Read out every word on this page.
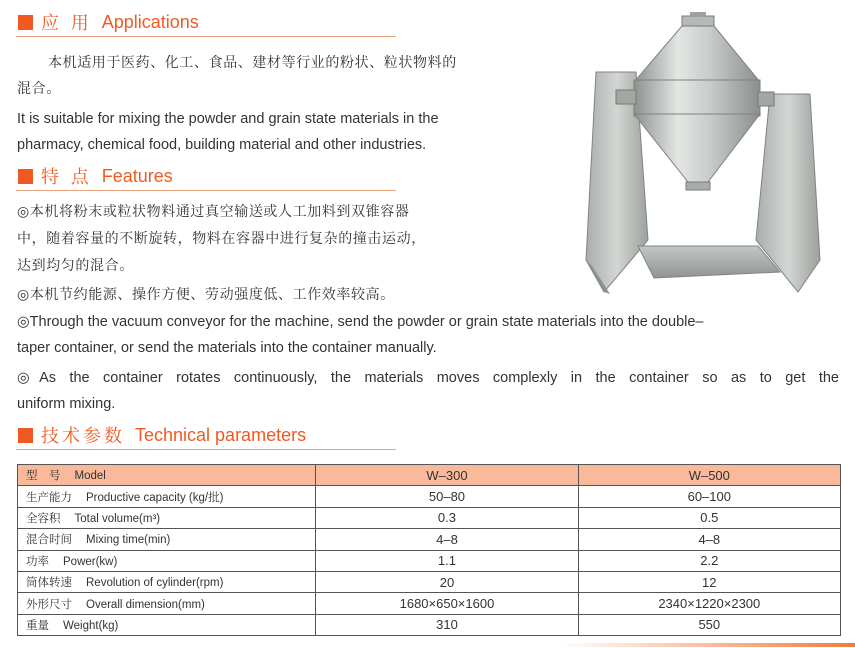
应 用 Applications
本机适用于医药、化工、食品、建材等行业的粉状、粒状物料的
混合。
It is suitable for mixing the powder and grain state materials in the
pharmacy, chemical food, building material and other industries.
特 点 Features
◎本机将粉末或粒状物料通过真空输送或人工加料到双锥容器
中，随着容量的不断旋转，物料在容器中进行复杂的撞击运动，
达到均匀的混合。
◎本机节约能源、操作方便、劳动强度低、工作效率较高。
◎Through the vacuum conveyor for the machine, send the powder or grain state materials into the double–
taper container, or send the materials into the container manually.
◎As the container rotates continuously, the materials moves complexly in the container so as to get the
uniform mixing.
技术参数 Technical parameters
型　号 Model	W–300	W–500
生产能力 Productive capacity (kg/批)	50–80	60–100
全容积 Total volume(m³)	0.3	0.5
混合时间 Mixing time(min)	4–8	4–8
功率 Power(kw)	1.1	2.2
筒体转速 Revolution of cylinder(rpm)	20	12
外形尺寸 Overall dimension(mm)	1680×650×1600	2340×1220×2300
重量 Weight(kg)	310	550
